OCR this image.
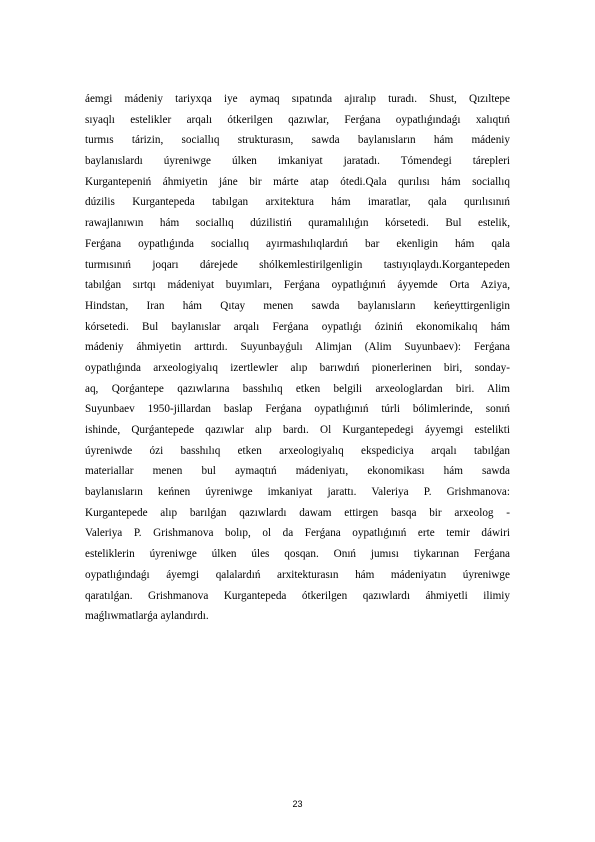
áemgi mádeniy tariyxqa iye aymaq sıpatında ajıralıp turadı. Shust, Qızıltepe
sıyaqlı estelikler arqalı ótkerilgen qazıwlar, Ferǵana oypatlıǵındaǵı xalıqtıń
turmıs tárizin, sociallıq strukturasın, sawda baylanısların hám mádeniy
baylanıslardı úyreniwge úlken imkaniyat jaratadı. Tómendegi tárepleri
Kurgantepeniń áhmiyetin jáne bir márte atap ótedi.Qala qurılısı hám sociallıq
dúzilis Kurgantepeda tabılgan arxitektura hám imaratlar, qala qurılısınıń
rawajlanıwın hám sociallıq dúzilistiń quramalılıǵın kórsetedi. Bul estelik,
Ferǵana oypatlıǵında sociallıq ayırmashılıqlardıń bar ekenligin hám qala
turmısınıń joqarı dárejede shólkemlestirilgenligin tastıyıqlaydı.Korgantepeden
tabılǵan sırtqı mádeniyat buyımları, Ferǵana oypatlıǵınıń áyyemde Orta Aziya,
Hindstan, Iran hám Qıtay menen sawda baylanısların keńeyttirgenligin
kórsetedi. Bul baylanıslar arqalı Ferǵana oypatlıǵı óziniń ekonomikalıq hám
mádeniy áhmiyetin arttırdı. Suyunbayǵulı Alimjan (Alim Suyunbaev): Ferǵana
oypatlıǵında arxeologiyalıq izertlewler alıp barıwdıń pionerlerinen biri, sonday-
aq, Qorǵantepe qazıwlarına basshılıq etken belgili arxeologlardan biri. Alim
Suyunbaev 1950-jillardan baslap Ferǵana oypatlıǵınıń túrli bólimlerinde, sonıń
ishinde, Qurǵantepede qazıwlar alıp bardı. Ol Kurgantepedegi áyyemgi estelikti
úyreniwde ózi basshılıq etken arxeologiyalıq ekspediciya arqalı tabılǵan
materiallar menen bul aymaqtıń mádeniyatı, ekonomikası hám sawda
baylanısların keńnen úyreniwge imkaniyat jarattı. Valeriya P. Grishmanova:
Kurgantepede alıp barılǵan qazıwlardı dawam ettirgen basqa bir arxeolog -
Valeriya P. Grishmanova bolıp, ol da Ferǵana oypatlıǵınıń erte temir dáwiri
esteliklerin úyreniwge úlken úles qosqan. Onıń jumısı tiykarınan Ferǵana
oypatlıǵındaǵı áyemgi qalalardıń arxitekturasın hám mádeniyatın úyreniwge
qaratılǵan. Grishmanova Kurgantepeda ótkerilgen qazıwlardı áhmiyetli ilimiy
maǵlıwmatlarǵa aylandırdı.
23
